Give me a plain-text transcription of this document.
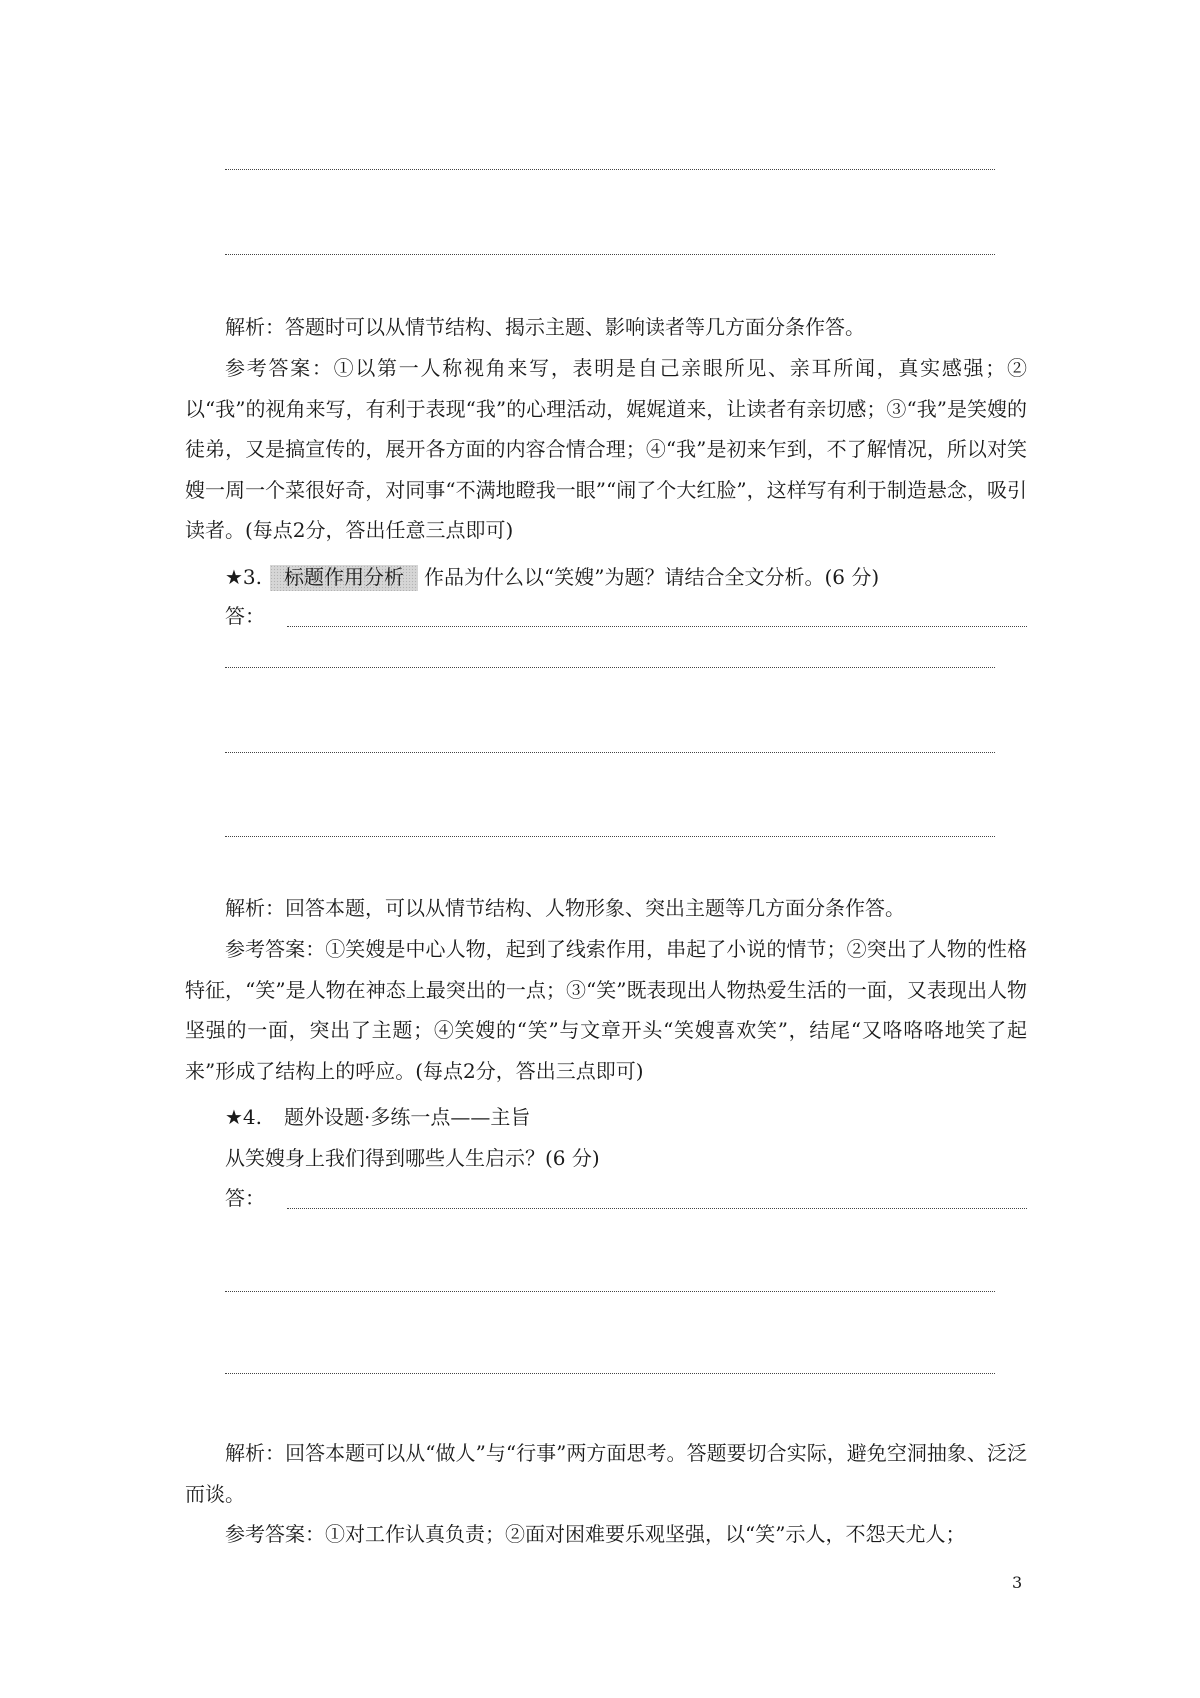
解析：答题时可以从情节结构、揭示主题、影响读者等几方面分条作答。
参考答案：①以第一人称视角来写，表明是自己亲眼所见、亲耳所闻，真实感强；②以“我”的视角来写，有利于表现“我”的心理活动，娓娓道来，让读者有亲切感；③“我”是笑嫂的徒弟，又是搞宣传的，展开各方面的内容合情合理；④“我”是初来乍到，不了解情况，所以对笑嫂一周一个菜很好奇，对同事“不满地瞪我一眼”“闹了个大红脸”，这样写有利于制造悬念，吸引读者。(每点2分，答出任意三点即可)
★3. 标题作用分析 作品为什么以“笑嫂”为题？请结合全文分析。(6 分)
答：
解析：回答本题，可以从情节结构、人物形象、突出主题等几方面分条作答。
参考答案：①笑嫂是中心人物，起到了线索作用，串起了小说的情节；②突出了人物的性格特征，“笑”是人物在神态上最突出的一点；③“笑”既表现出人物热爱生活的一面，又表现出人物坚强的一面，突出了主题；④笑嫂的“笑”与文章开头“笑嫂喜欢笑”，结尾“又咯咯咯地笑了起来”形成了结构上的呼应。(每点2分，答出三点即可)
★4. 题外设题·多练一点——主旨
从笑嫂身上我们得到哪些人生启示？(6 分)
答：
解析：回答本题可以从“做人”与“行事”两方面思考。答题要切合实际，避免空洞抽象、泛泛而谈。
参考答案：①对工作认真负责；②面对困难要乐观坚强，以“笑”示人，不怨天尤人；
3
